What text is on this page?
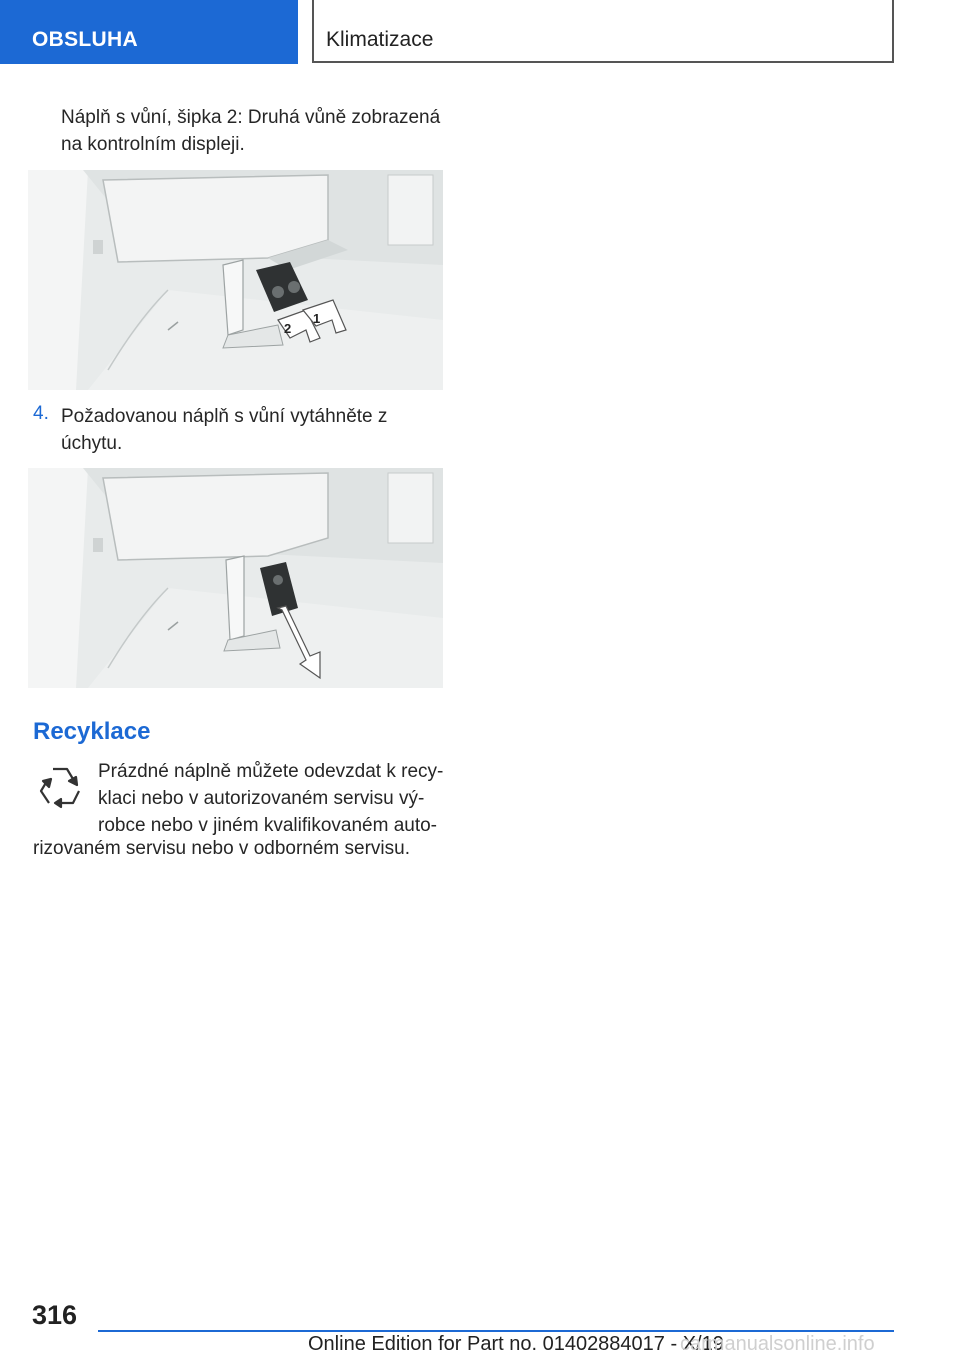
OBSLUHA	Klimatizace
Náplň s vůní, šipka 2: Druhá vůně zobrazená
na kontrolním displeji.
2
1
4. Požadovanou náplň s vůní vytáhněte z
úchytu.
Recyklace
Prázdné náplně můžete odevzdat k recy-
klaci nebo v autorizovaném servisu vý-
robce nebo v jiném kvalifikovaném auto-
rizovaném servisu nebo v odborném servisu.
316
Online Edition for Part no. 01402884017 - X/19
carmanualsonline.info
